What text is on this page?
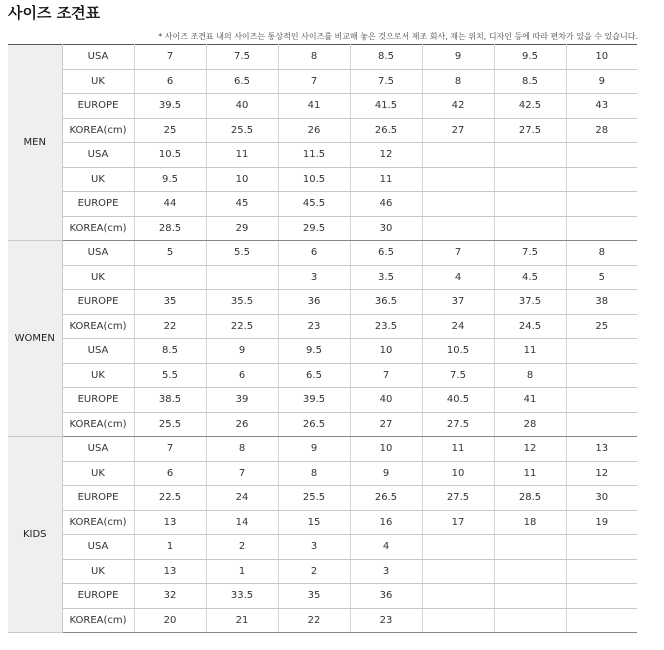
사이즈 조견표
* 사이즈 조견표 내의 사이즈는 통상적인 사이즈를 비교해 놓은 것으로서 제조 회사, 재는 위치, 디자인 등에 따라 편차가 있을 수 있습니다.
MEN	USA	7	7.5	8	8.5	9	9.5	10
	UK	6	6.5	7	7.5	8	8.5	9
	EUROPE	39.5	40	41	41.5	42	42.5	43
	KOREA(cm)	25	25.5	26	26.5	27	27.5	28
	USA	10.5	11	11.5	12			
	UK	9.5	10	10.5	11			
	EUROPE	44	45	45.5	46			
	KOREA(cm)	28.5	29	29.5	30			
WOMEN	USA	5	5.5	6	6.5	7	7.5	8
	UK			3	3.5	4	4.5	5
	EUROPE	35	35.5	36	36.5	37	37.5	38
	KOREA(cm)	22	22.5	23	23.5	24	24.5	25
	USA	8.5	9	9.5	10	10.5	11	
	UK	5.5	6	6.5	7	7.5	8	
	EUROPE	38.5	39	39.5	40	40.5	41	
	KOREA(cm)	25.5	26	26.5	27	27.5	28	
KIDS	USA	7	8	9	10	11	12	13
	UK	6	7	8	9	10	11	12
	EUROPE	22.5	24	25.5	26.5	27.5	28.5	30
	KOREA(cm)	13	14	15	16	17	18	19
	USA	1	2	3	4			
	UK	13	1	2	3			
	EUROPE	32	33.5	35	36			
	KOREA(cm)	20	21	22	23			
